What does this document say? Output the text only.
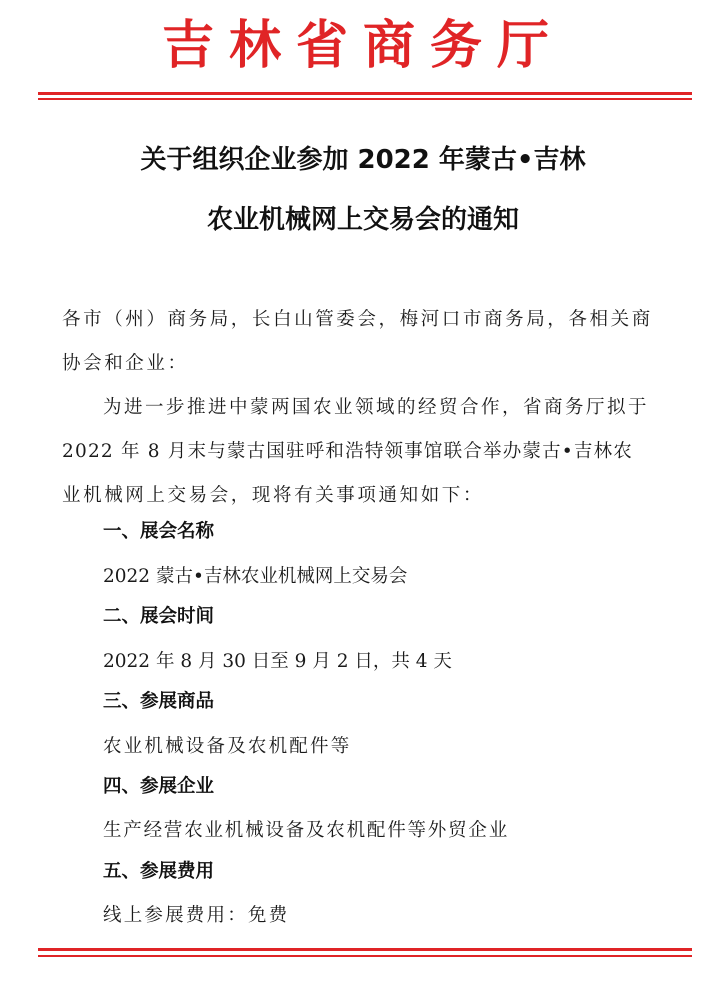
吉林省商务厅
关于组织企业参加 2022 年蒙古•吉林
农业机械网上交易会的通知
各市（州）商务局，长白山管委会，梅河口市商务局，各相关商
协会和企业：
为进一步推进中蒙两国农业领域的经贸合作，省商务厅拟于
2022 年 8 月末与蒙古国驻呼和浩特领事馆联合举办蒙古•吉林农
业机械网上交易会，现将有关事项通知如下：
一、展会名称
2022 蒙古•吉林农业机械网上交易会
二、展会时间
2022 年 8 月 30 日至 9 月 2 日，共 4 天
三、参展商品
农业机械设备及农机配件等
四、参展企业
生产经营农业机械设备及农机配件等外贸企业
五、参展费用
线上参展费用：免费
